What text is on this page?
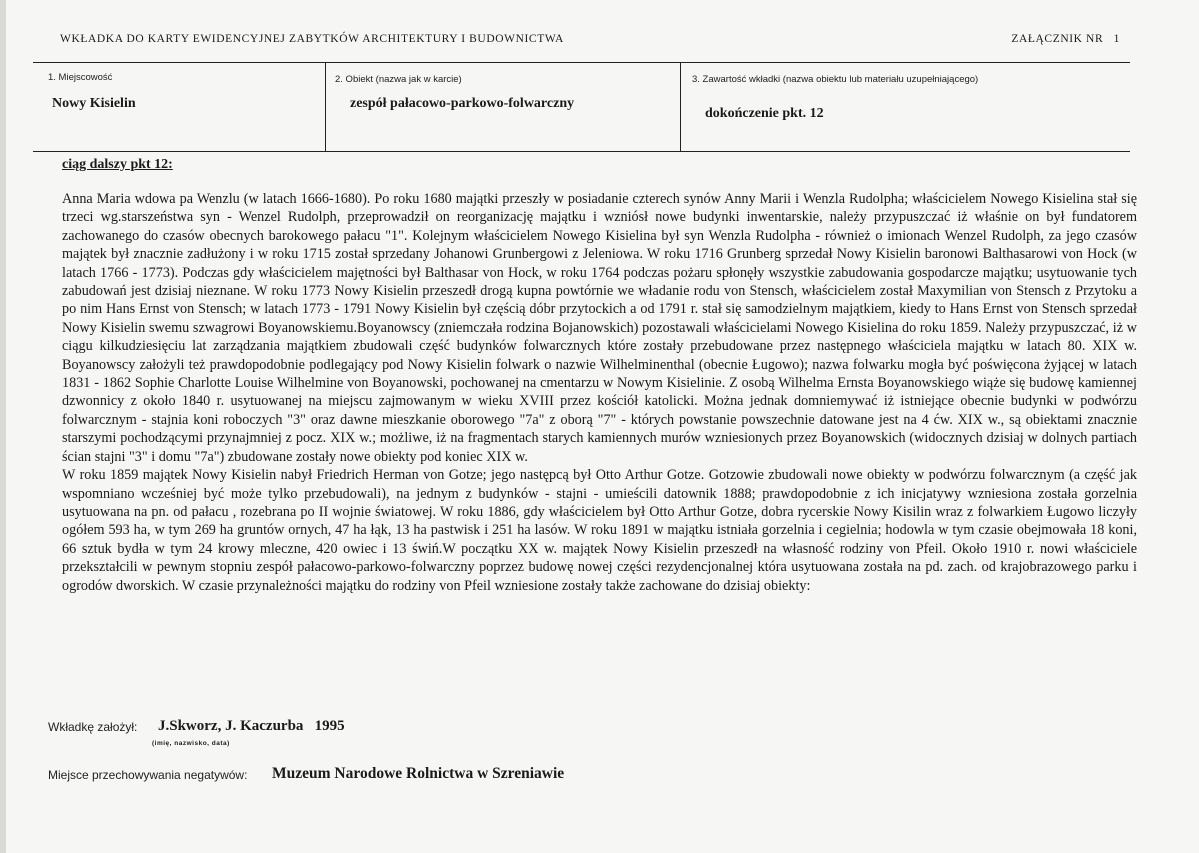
WKŁADKA DO KARTY EWIDENCYJNEJ ZABYTKÓW ARCHITEKTURY I BUDOWNICTWA	ZAŁĄCZNIK NR   1
1. Miejscowość
Nowy Kisielin
2. Obiekt (nazwa jak w karcie)
zespół pałacowo-parkowo-folwarczny
3. Zawartość wkładki (nazwa obiektu lub materiału uzupełniającego)
dokończenie pkt. 12
ciąg dalszy pkt 12:

Anna Maria wdowa pa Wenzlu (w latach 1666-1680). Po roku 1680 majątki przeszły w posiadanie czterech synów Anny Marii i Wenzla Rudolpha; właścicielem Nowego Kisielina stał się trzeci wg.starszeństwa syn - Wenzel Rudolph, przeprowadził on reorganizację majątku i wzniósł nowe budynki inwentarskie, należy przypuszczać iż właśnie on był fundatorem zachowanego do czasów obecnych barokowego pałacu "1". Kolejnym właścicielem Nowego Kisielina był syn Wenzla Rudolpha - również o imionach Wenzel Rudolph, za jego czasów majątek był znacznie zadłużony i w roku 1715 został sprzedany Johanowi Grunbergowi z Jeleniowa. W roku 1716 Grunberg sprzedał Nowy Kisielin baronowi Balthasarowi von Hock (w latach 1766 - 1773). Podczas gdy właścicielem majętności był Balthasar von Hock, w roku 1764 podczas pożaru spłonęły wszystkie zabudowania gospodarcze majątku; usytuowanie tych zabudowań jest dzisiaj nieznane. W roku 1773 Nowy Kisielin przeszedł drogą kupna powtórnie we władanie rodu von Stensch, właścicielem został Maxymilian von Stensch z Przytoku a po nim Hans Ernst von Stensch; w latach 1773 - 1791 Nowy Kisielin był częścią dóbr przytockich a od 1791 r. stał się samodzielnym majątkiem, kiedy to Hans Ernst von Stensch sprzedał Nowy Kisielin swemu szwagrowi Boyanowskiemu.Boyanowscy (zniemczała rodzina Bojanowskich) pozostawali właścicielami Nowego Kisielina do roku 1859. Należy przypuszczać, iż w ciągu kilkudziesięciu lat zarządzania majątkiem zbudowali część budynków folwarcznych które zostały przebudowane przez następnego właściciela majątku w latach 80. XIX w. Boyanowscy założyli też prawdopodobnie podlegający pod Nowy Kisielin folwark o nazwie Wilhelminenthal (obecnie Ługowo); nazwa folwarku mogła być poświęcona żyjącej w latach 1831 - 1862 Sophie Charlotte Louise Wilhelmine von Boyanowski, pochowanej na cmentarzu w Nowym Kisielinie. Z osobą Wilhelma Ernsta Boyanowskiego wiąże się budowę kamiennej dzwonnicy z około 1840 r. usytuowanej na miejscu zajmowanym w wieku XVIII przez kościół katolicki. Można jednak domniemywać iż istniejące obecnie budynki w podwórzu folwarcznym - stajnia koni roboczych "3" oraz dawne mieszkanie oborowego "7a" z oborą "7" - których powstanie powszechnie datowane jest na 4 ćw. XIX w., są obiektami znacznie starszymi pochodzącymi przynajmniej z pocz. XIX w.; możliwe, iż na fragmentach starych kamiennych murów wzniesionych przez Boyanowskich (widocznych dzisiaj w dolnych partiach ścian stajni "3" i domu "7a") zbudowane zostały nowe obiekty pod koniec XIX w.

W roku 1859 majątek Nowy Kisielin nabył Friedrich Herman von Gotze; jego następcą był Otto Arthur Gotze. Gotzowie zbudowali nowe obiekty w podwórzu folwarcznym (a część jak wspomniano wcześniej być może tylko przebudowali), na jednym z budynków - stajni - umieścili datownik 1888; prawdopodobnie z ich inicjatywy wzniesiona została gorzelnia usytuowana na pn. od pałacu , rozebrana po II wojnie światowej. W roku 1886, gdy właścicielem był Otto Arthur Gotze, dobra rycerskie Nowy Kisilin wraz z folwarkiem Ługowo liczyły ogółem 593 ha, w tym 269 ha gruntów ornych, 47 ha łąk, 13 ha pastwisk i 251 ha lasów. W roku 1891 w majątku istniała gorzelnia i cegielnia; hodowla w tym czasie obejmowała 18 koni, 66 sztuk bydła w tym 24 krowy mleczne, 420 owiec i 13 świń.W początku XX w. majątek Nowy Kisielin przeszedł na własność rodziny von Pfeil. Około 1910 r. nowi właściciele przekształcili w pewnym stopniu zespół pałacowo-parkowo-folwarczny poprzez budowę nowej części rezydencjonalnej która usytuowana została na pd. zach. od krajobrazowego parku i ogrodów dworskich. W czasie przynależności majątku do rodziny von Pfeil wzniesione zostały także zachowane do dzisiaj obiekty:

Wkładkę założył: J.Skworz, J. Kaczurba   1995
(imię, nazwisko, data)
Miejsce przechowywania negatywów: Muzeum Narodowe Rolnictwa w Szreniawie
